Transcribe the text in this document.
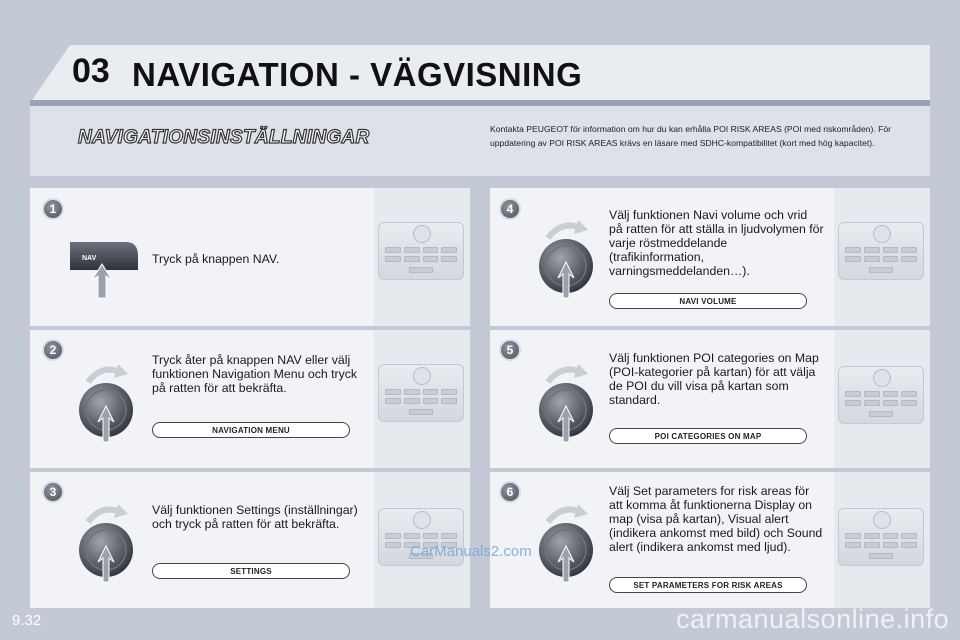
03 NAVIGATION - VÄGVISNING
NAVIGATIONSINSTÄLLNINGAR	Kontakta PEUGEOT för information om hur du kan erhålla POI RISK AREAS (POI med riskområden). För uppdatering av POI RISK AREAS krävs en läsare med SDHC-kompatibilitet (kort med hög kapacitet).
1
NAV	Tryck på knappen NAV.
2
Tryck åter på knappen NAV eller välj funktionen Navigation Menu och tryck på ratten för att bekräfta.
NAVIGATION MENU
3
Välj funktionen Settings (inställningar) och tryck på ratten för att bekräfta.
SETTINGS
4	Välj funktionen Navi volume och vrid på ratten för att ställa in ljudvolymen för varje röstmeddelande (trafikinformation, varningsmeddelanden…).
NAVI VOLUME
5
Välj funktionen POI categories on Map (POI-kategorier på kartan) för att välja de POI du vill visa på kartan som standard.
POI CATEGORIES ON MAP
6	Välj Set parameters for risk areas för att komma åt funktionerna Display on map (visa på kartan), Visual alert (indikera ankomst med bild) och Sound alert (indikera ankomst med ljud).
SET PARAMETERS FOR RISK AREAS
9.32
CarManuals2.com
carmanualsonline.info
